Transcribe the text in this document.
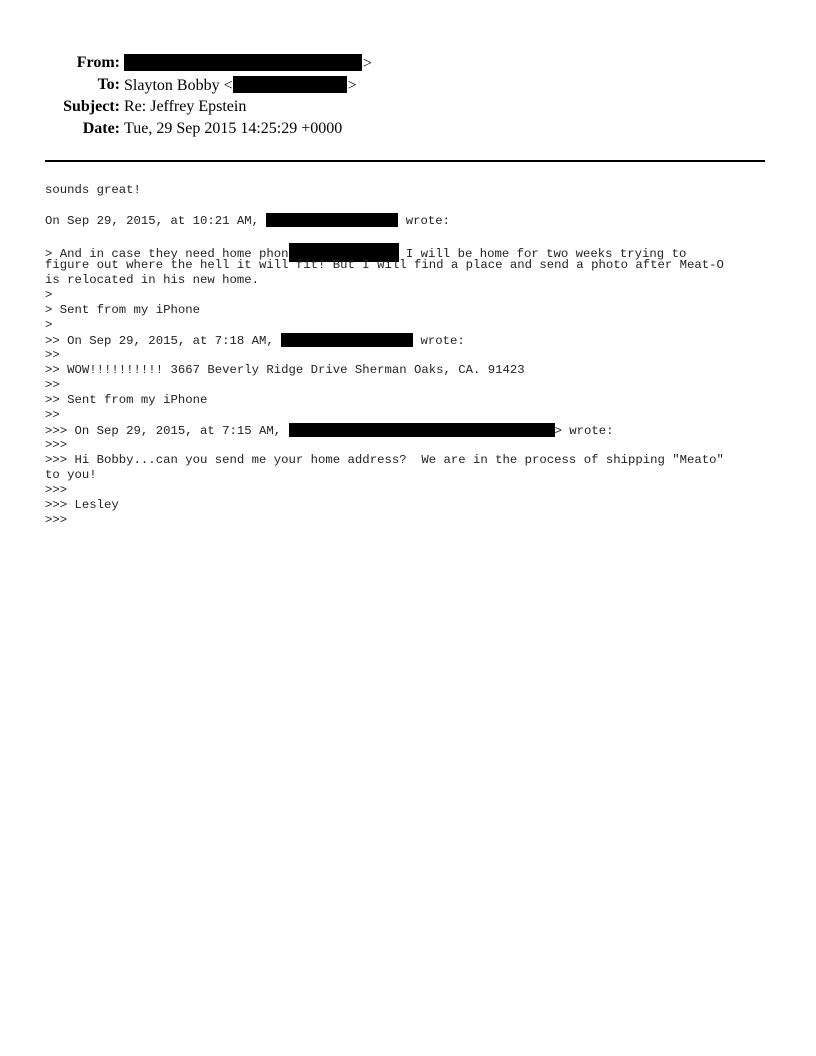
From:	>
To: Slayton Bobby <	>
Subject: Re: Jeffrey Epstein
Date: Tue, 29 Sep 2015 14:25:29 +0000
sounds great!
On Sep 29, 2015, at 10:21 AM,	wrote:
> And in case they need home phon	I will be home for two weeks trying to
figure out where the hell it will fit! But I will find a place and send a photo after Meat-O
is relocated in his new home.
>
> Sent from my iPhone
>
>> On Sep 29, 2015, at 7:18 AM,	wrote:
>>
>> WOW!!!!!!!!!! 3667 Beverly Ridge Drive Sherman Oaks, CA. 91423
>>
>> Sent from my iPhone
>>
>>> On Sep 29, 2015, at 7:15 AM,	> wrote:
>>>
>>> Hi Bobby...can you send me your home address?  We are in the process of shipping "Meato"
to you!
>>>
>>> Lesley
>>>
